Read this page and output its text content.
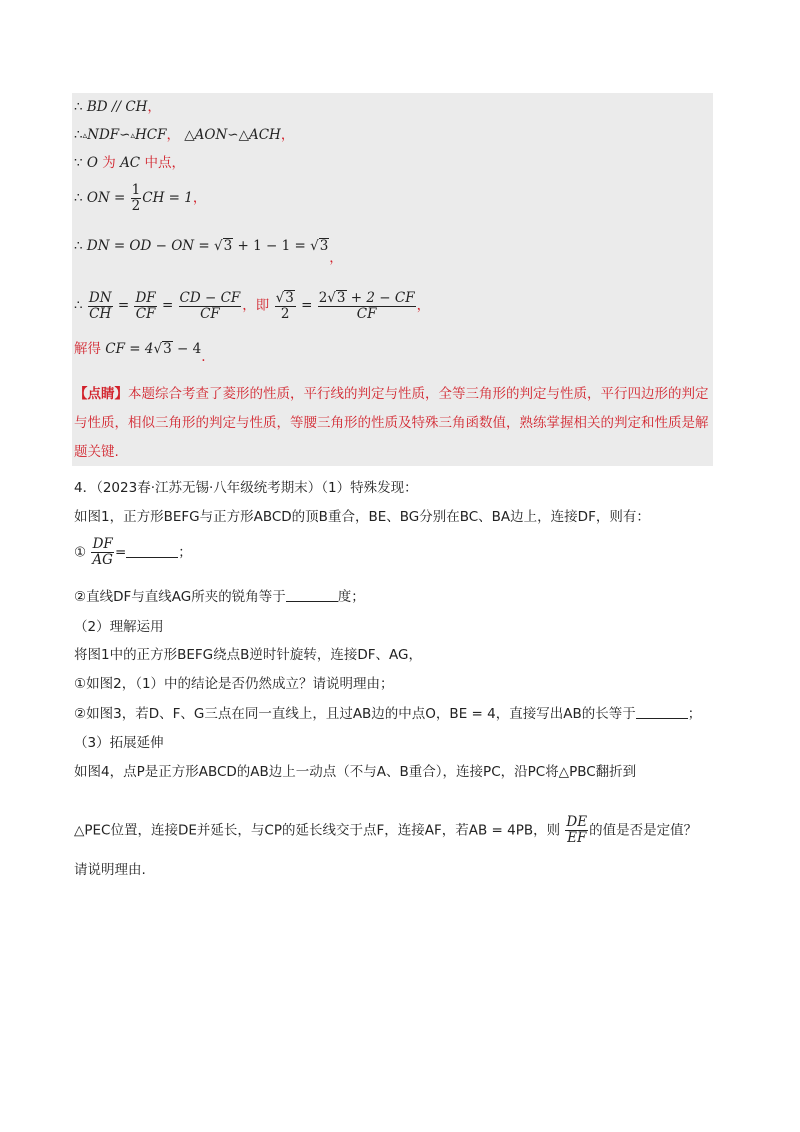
∴ BD // CH，
∴▵NDF∽▵HCF， △AON∽△ACH，
∵ O 为 AC 中点，
∴ ON = $\frac{1}{2}$ CH = 1，
∴ DN = OD − ON = √3 + 1 − 1 = √3，
∴ $\frac{DN}{CH} = \frac{DF}{CF} = \frac{CD - CF}{CF}$ ，即 $\frac{√3}{2} = \frac{2√3 + 2 - CF}{CF}$ ，
解得 CF = 4√3 − 4.
【点睛】本题综合考查了菱形的性质，平行线的判定与性质，全等三角形的判定与性质，平行四边形的判定与性质，相似三角形的判定与性质，等腰三角形的性质及特殊三角函数值，熟练掌握相关的判定和性质是解题关键.
4．（2023春·江苏无锡·八年级统考期末）（1）特殊发现：
如图1，正方形BEFG与正方形ABCD的顶B重合，BE、BG分别在BC、BA边上，连接DF，则有：
① $\frac{DF}{AG}$ =	；
②直线DF与直线AG所夹的锐角等于	度；
（2）理解运用
将图1中的正方形BEFG绕点B逆时针旋转，连接DF、AG，
①如图2，（1）中的结论是否仍然成立？请说明理由；
②如图3，若D、F、G三点在同一直线上，且过AB边的中点O，BE = 4，直接写出AB的长等于	；
（3）拓展延伸
如图4，点P是正方形ABCD的AB边上一动点（不与A、B重合），连接PC，沿PC将△PBC翻折到
△PEC位置，连接DE并延长，与CP的延长线交于点F，连接AF，若AB = 4PB，则 $\frac{DE}{EF}$ 的值是否是定值？
请说明理由.
